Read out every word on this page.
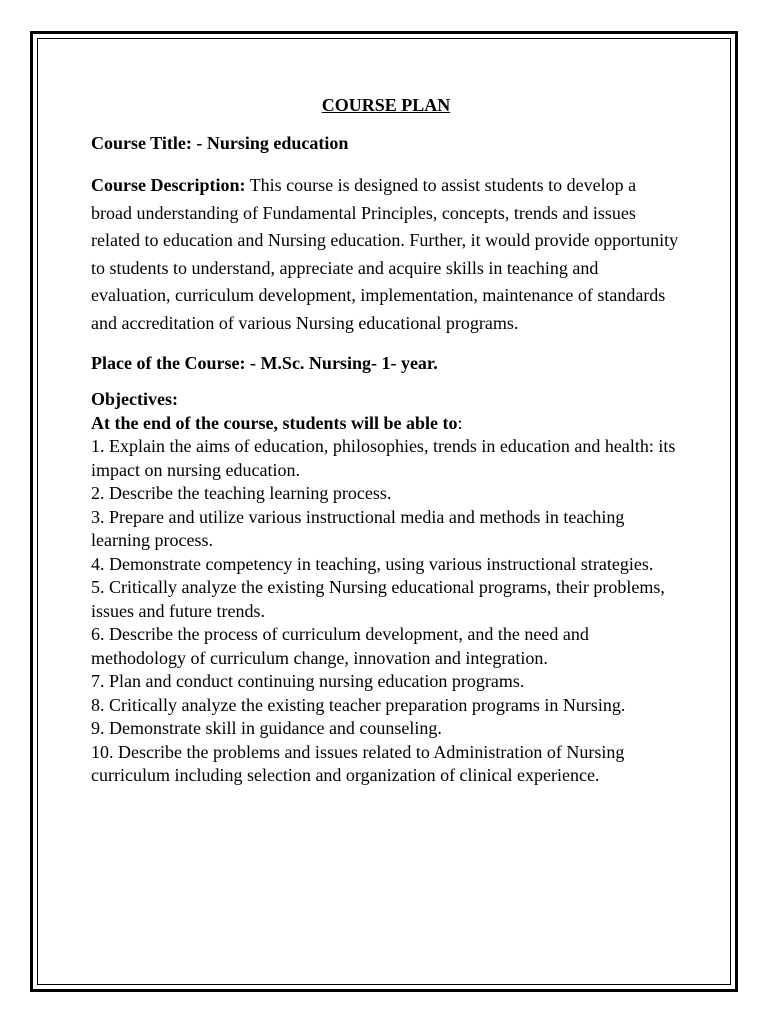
COURSE PLAN

Course Title: - Nursing education

Course Description: This course is designed to assist students to develop a broad understanding of Fundamental Principles, concepts, trends and issues related to education and Nursing education. Further, it would provide opportunity to students to understand, appreciate and acquire skills in teaching and evaluation, curriculum development, implementation, maintenance of standards and accreditation of various Nursing educational programs.

Place of the Course: - M.Sc. Nursing- 1- year.

Objectives:
At the end of the course, students will be able to:
1. Explain the aims of education, philosophies, trends in education and health: its impact on nursing education.
2. Describe the teaching learning process.
3. Prepare and utilize various instructional media and methods in teaching learning process.
4. Demonstrate competency in teaching, using various instructional strategies.
5. Critically analyze the existing Nursing educational programs, their problems, issues and future trends.
6. Describe the process of curriculum development, and the need and methodology of curriculum change, innovation and integration.
7. Plan and conduct continuing nursing education programs.
8. Critically analyze the existing teacher preparation programs in Nursing.
9. Demonstrate skill in guidance and counseling.
10. Describe the problems and issues related to Administration of Nursing curriculum including selection and organization of clinical experience.
